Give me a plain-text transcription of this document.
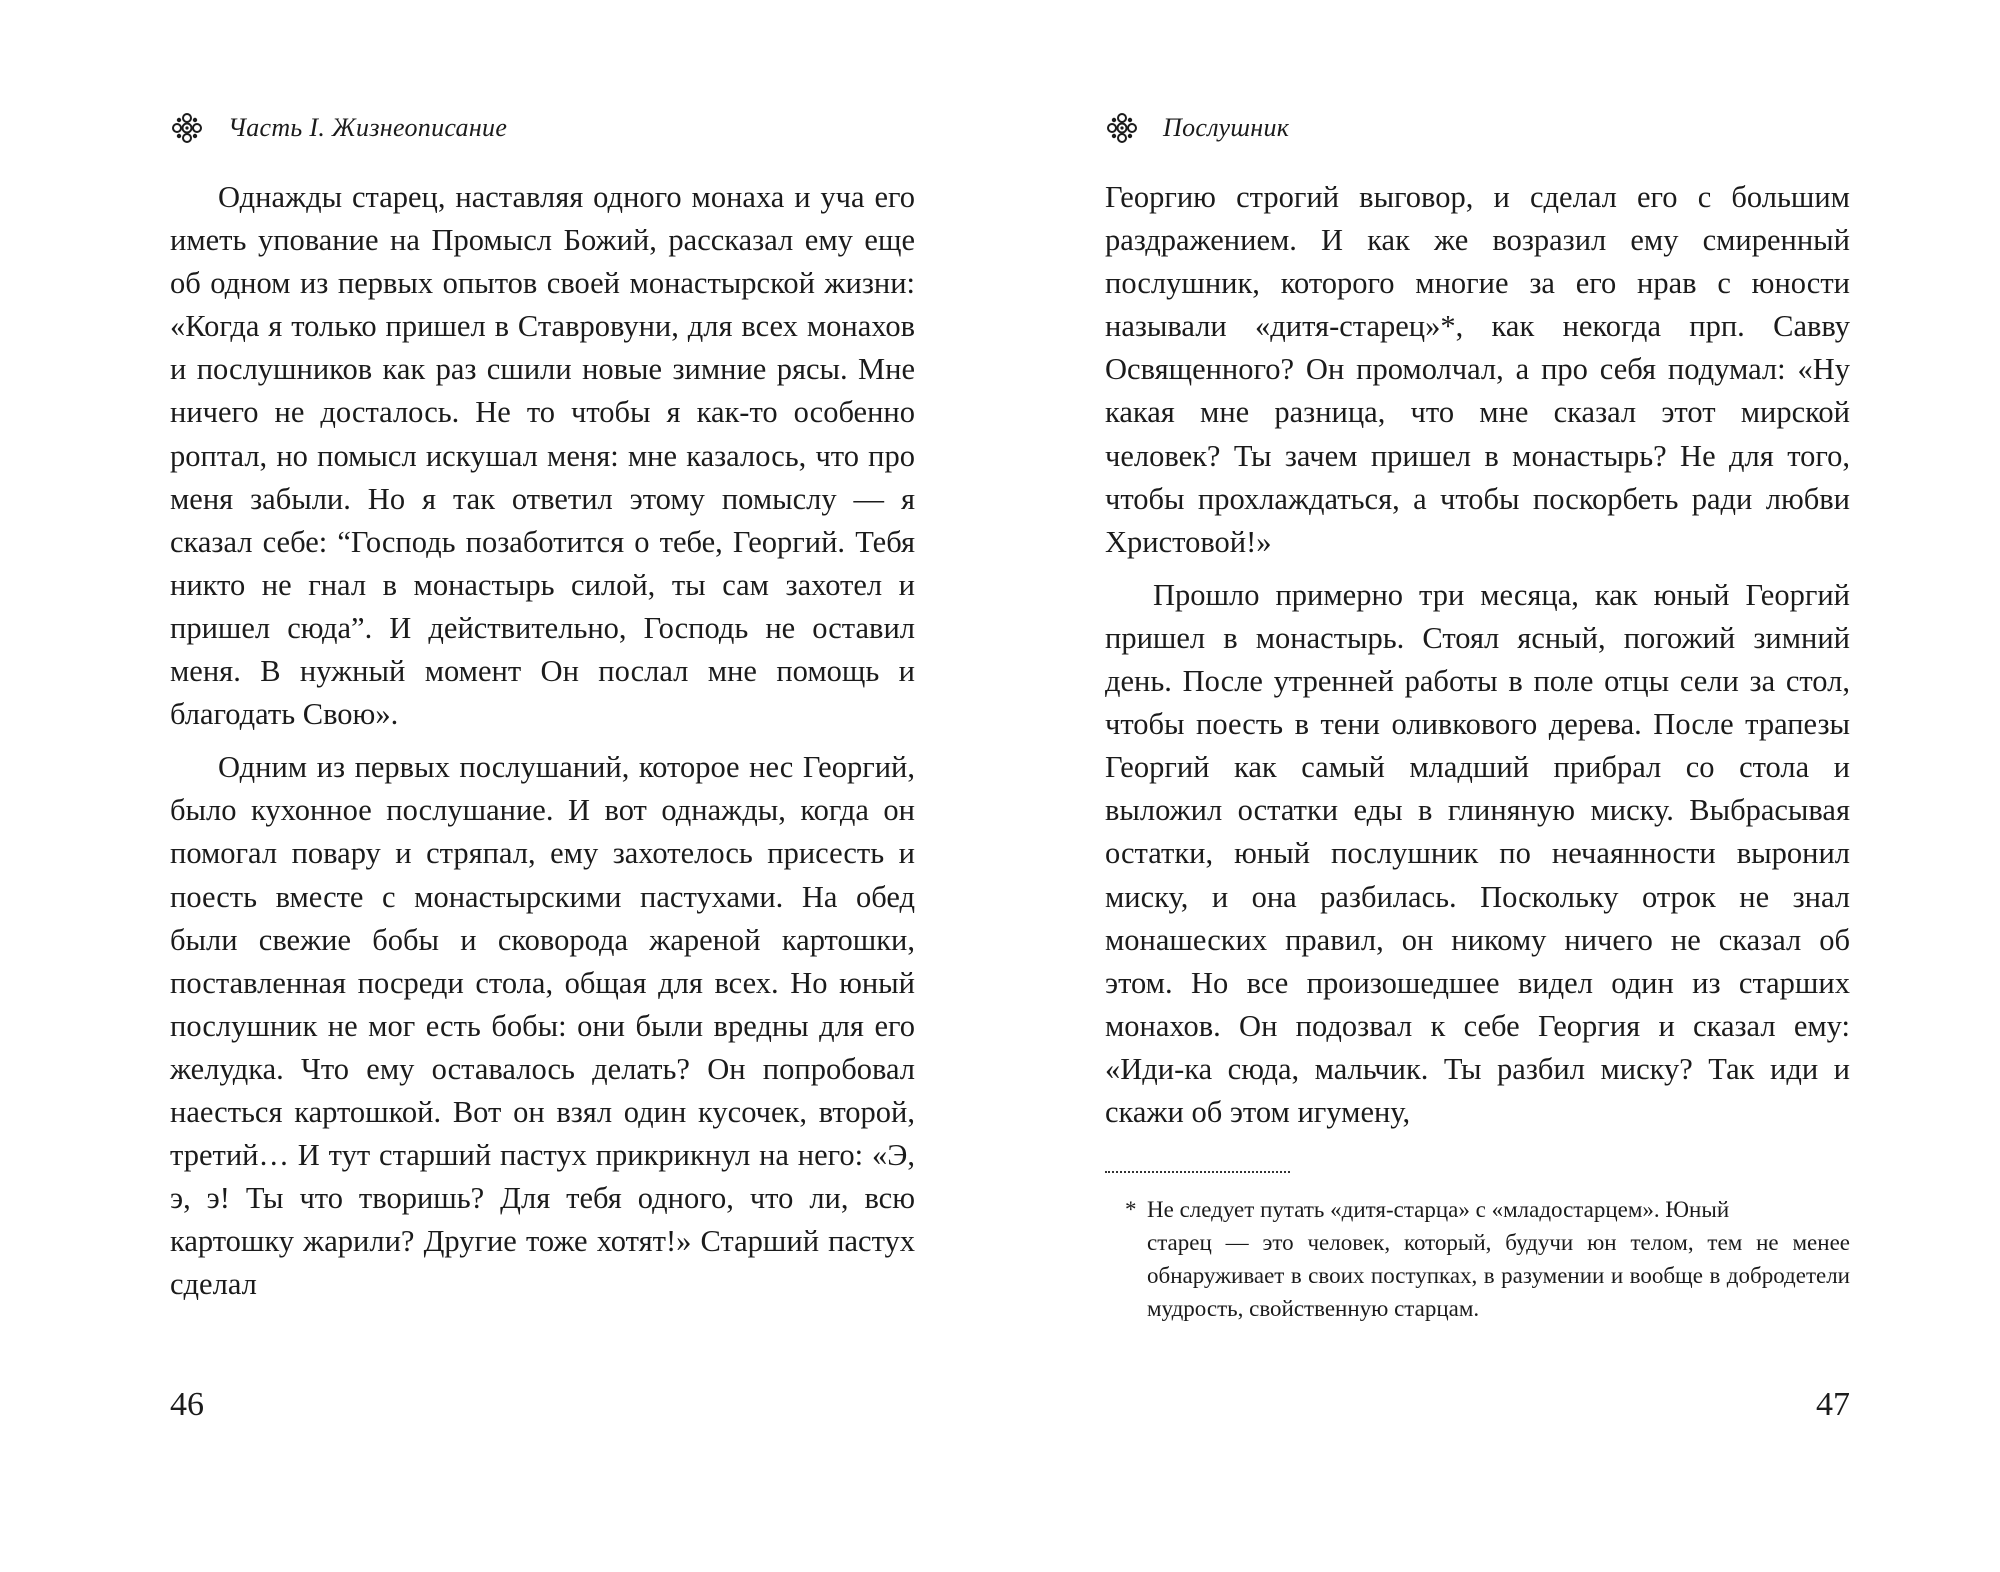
Часть I. Жизнеописание

Однажды старец, наставляя одного монаха и уча его иметь упование на Промысл Божий, рассказал ему еще об одном из первых опытов своей монастырской жизни: «Когда я только пришел в Ставровуни, для всех монахов и послушников как раз сшили новые зимние рясы. Мне ничего не досталось. Не то чтобы я как-то особенно роптал, но помысл искушал меня: мне казалось, что про меня забыли. Но я так ответил этому помыслу — я сказал себе: “Господь позаботится о тебе, Георгий. Тебя никто не гнал в монастырь силой, ты сам захотел и пришел сюда”. И действительно, Господь не оставил меня. В нужный момент Он послал мне помощь и благодать Свою».

Одним из первых послушаний, которое нес Георгий, было кухонное послушание. И вот однажды, когда он помогал повару и стряпал, ему захотелось присесть и поесть вместе с монастырскими пастухами. На обед были свежие бобы и сковорода жареной картошки, поставленная посреди стола, общая для всех. Но юный послушник не мог есть бобы: они были вредны для его желудка. Что ему оставалось делать? Он попробовал наесться картошкой. Вот он взял один кусочек, второй, третий… И тут старший пастух прикрикнул на него: «Э, э, э! Ты что творишь? Для тебя одного, что ли, всю картошку жарили? Другие тоже хотят!» Старший пастух сделал

46
Послушник

Георгию строгий выговор, и сделал его с большим раздражением. И как же возразил ему смиренный послушник, которого многие за его нрав с юности называли «дитя-старец»*, как некогда прп. Савву Освященного? Он промолчал, а про себя подумал: «Ну какая мне разница, что мне сказал этот мирской человек? Ты зачем пришел в монастырь? Не для того, чтобы прохлаждаться, а чтобы поскорбеть ради любви Христовой!»

Прошло примерно три месяца, как юный Георгий пришел в монастырь. Стоял ясный, погожий зимний день. После утренней работы в поле отцы сели за стол, чтобы поесть в тени оливкового дерева. После трапезы Георгий как самый младший прибрал со стола и выложил остатки еды в глиняную миску. Выбрасывая остатки, юный послушник по нечаянности выронил миску, и она разбилась. Поскольку отрок не знал монашеских правил, он никому ничего не сказал об этом. Но все произошедшее видел один из старших монахов. Он подозвал к себе Георгия и сказал ему: «Иди-ка сюда, мальчик. Ты разбил миску? Так иди и скажи об этом игумену,

* Не следует путать «дитя-старца» с «младостарцем». Юный
старец — это человек, который, будучи юн телом, тем не менее обнаруживает в своих поступках, в разумении и вообще в добродетели мудрость, свойственную старцам.
47
